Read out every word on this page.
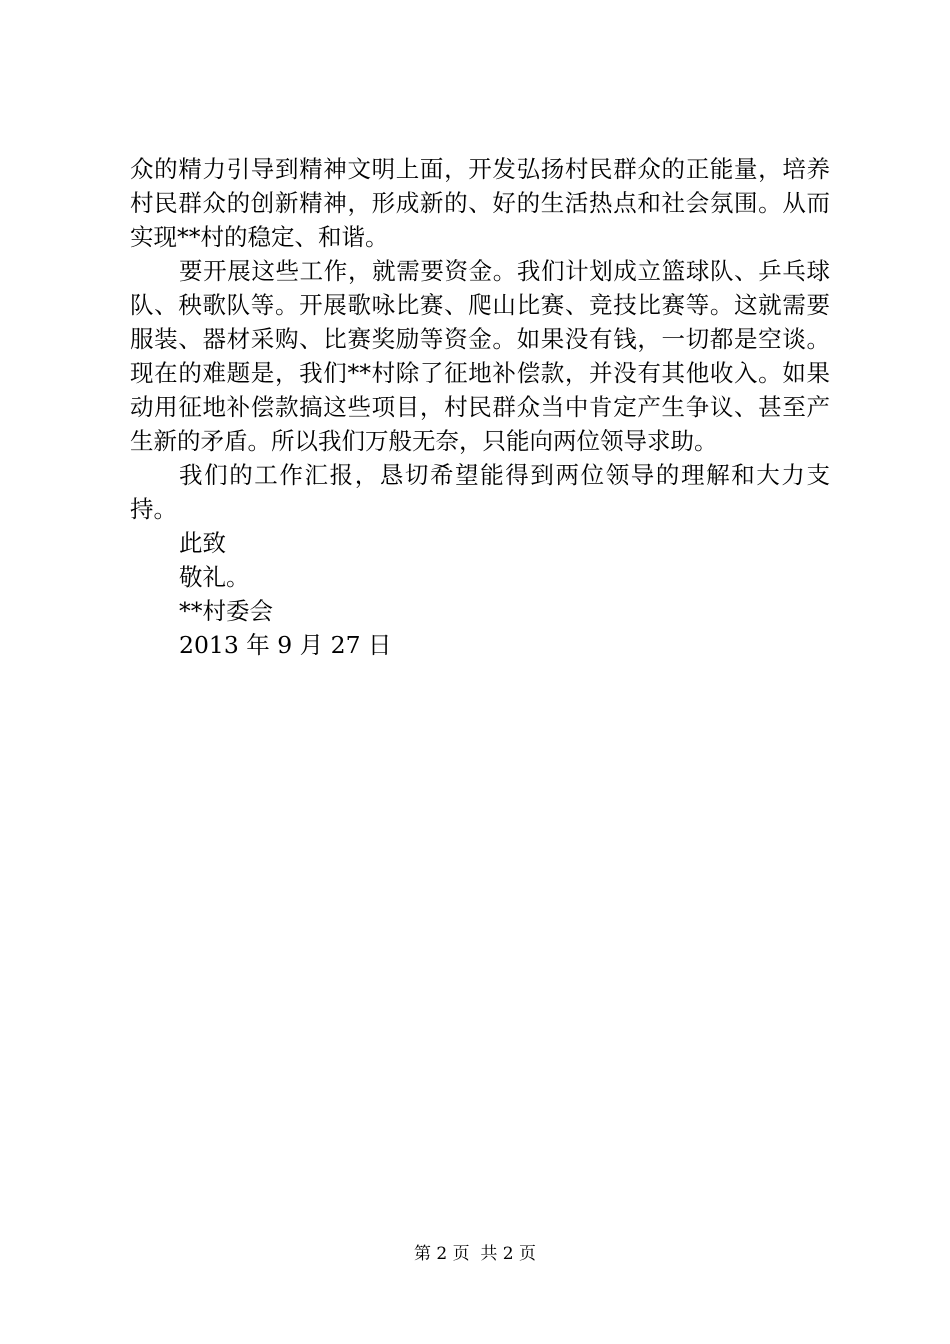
众的精力引导到精神文明上面，开发弘扬村民群众的正能量，培养村民群众的创新精神，形成新的、好的生活热点和社会氛围。从而实现**村的稳定、和谐。

要开展这些工作，就需要资金。我们计划成立篮球队、乒乓球队、秧歌队等。开展歌咏比赛、爬山比赛、竞技比赛等。这就需要服装、器材采购、比赛奖励等资金。如果没有钱，一切都是空谈。现在的难题是，我们**村除了征地补偿款，并没有其他收入。如果动用征地补偿款搞这些项目，村民群众当中肯定产生争议、甚至产生新的矛盾。所以我们万般无奈，只能向两位领导求助。

我们的工作汇报，恳切希望能得到两位领导的理解和大力支持。

此致

敬礼。

**村委会

2013 年 9 月 27 日

第 2 页  共 2 页
